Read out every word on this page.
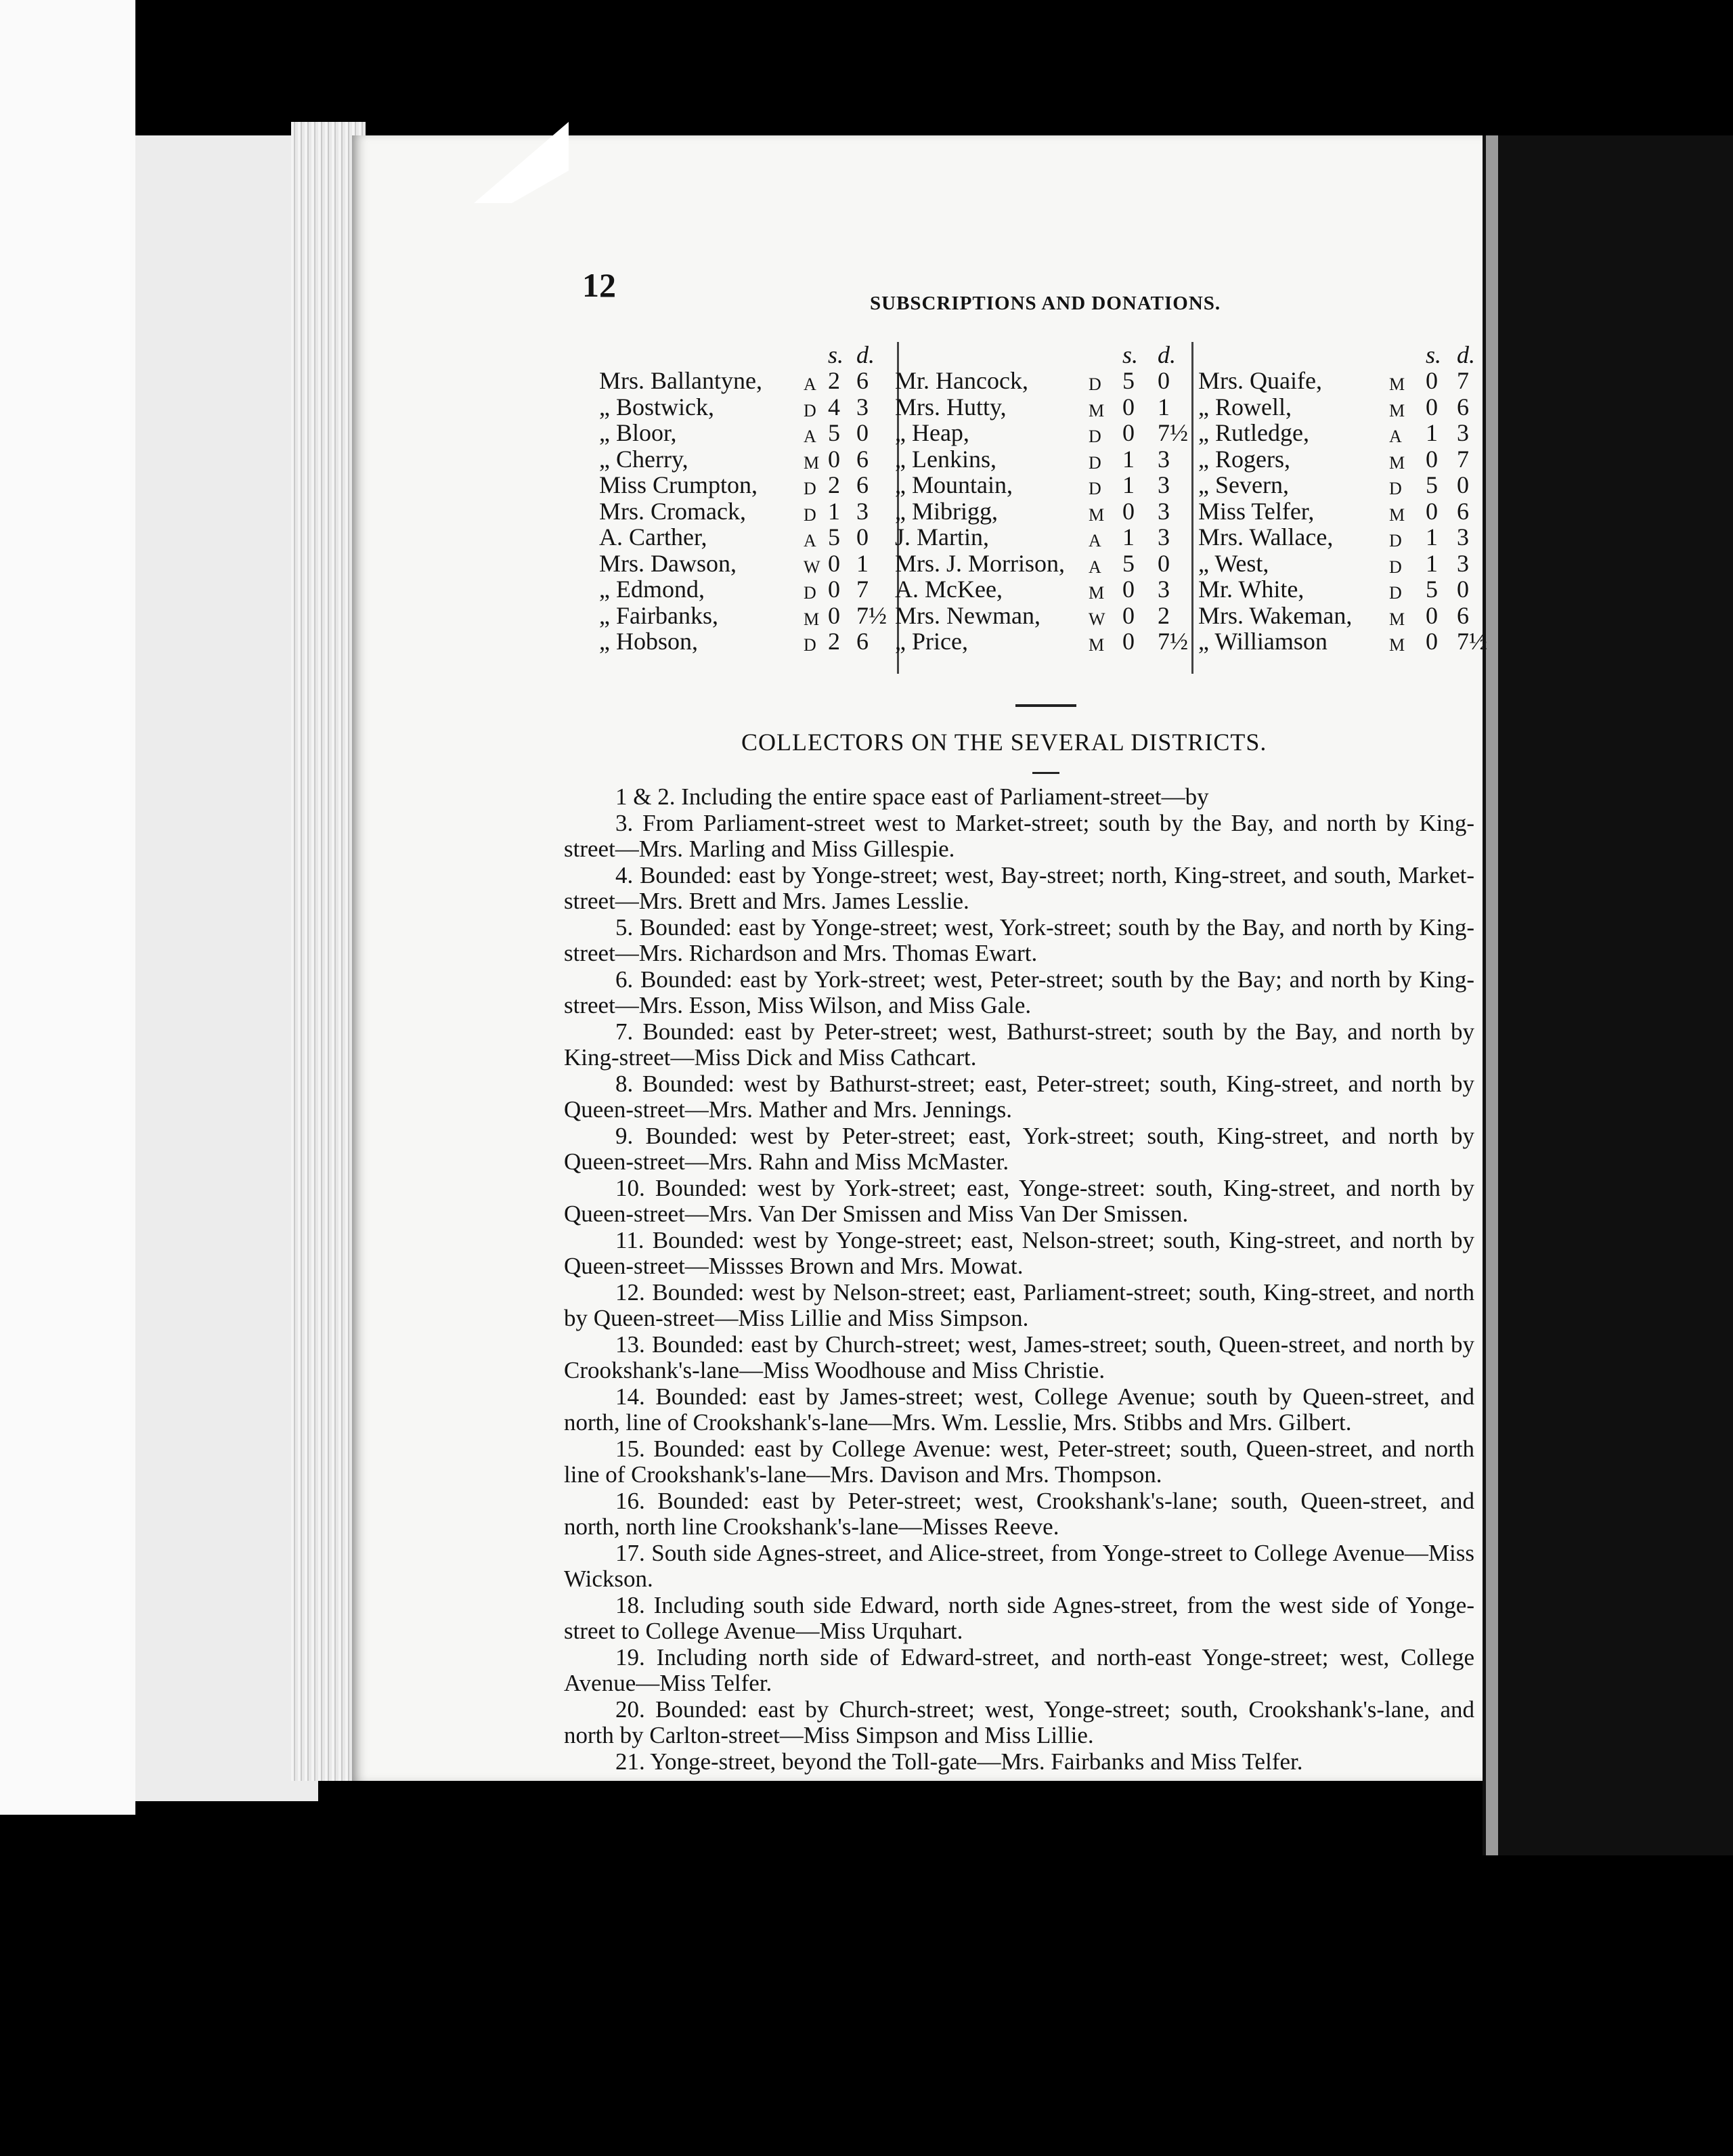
12	SUBSCRIPTIONS AND DONATIONS.
s. d.
Mrs. Ballantyne, A 2 6
„ Bostwick,	D 4 3
„ Bloor,	A 5 0
„ Cherry,	M 0 6
Miss Crumpton,	D 2 6
Mrs. Cromack,	D 1 3
A. Carther,	A 5 0
Mrs. Dawson,	W 0 1
„ Edmond,	D 0 7
„ Fairbanks,	M 0 7½
„ Hobson,	D 2 6
s. d.
Mr. Hancock,	D 5 0
Mrs. Hutty,	M 0 1
„ Heap,	D 0 7½
„ Lenkins,	D 1 3
„ Mountain,	D 1 3
„ Mibrigg,	M 0 3
J. Martin,	A 1 3
Mrs. J. Morrison, A 5 0
A. McKee,	M 0 3
Mrs. Newman,	W 0 2
„ Price,	M 0 7½
s. d.
Mrs. Quaife,	M 0 7
„ Rowell,	M 0 6
„ Rutledge,	A 1 3
„ Rogers,	M 0 7
„ Severn,	D 5 0
Miss Telfer,	M 0 6
Mrs. Wallace,	D 1 3
„ West,	D 1 3
Mr. White,	D 5 0
Mrs. Wakeman, M 0 6
„ Williamson	M 0 7½
COLLECTORS ON THE SEVERAL DISTRICTS.

1 & 2. Including the entire space east of Parliament-street—by

3. From Parliament-street west to Market-street; south by the Bay, and north by King-street—Mrs. Marling and Miss Gillespie.

4. Bounded: east by Yonge-street; west, Bay-street; north, King-street, and south, Market-street—Mrs. Brett and Mrs. James Lesslie.

5. Bounded: east by Yonge-street; west, York-street; south by the Bay, and north by King-street—Mrs. Richardson and Mrs. Thomas Ewart.

6. Bounded: east by York-street; west, Peter-street; south by the Bay; and north by King-street—Mrs. Esson, Miss Wilson, and Miss Gale.

7. Bounded: east by Peter-street; west, Bathurst-street; south by the Bay, and north by King-street—Miss Dick and Miss Cathcart.

8. Bounded: west by Bathurst-street; east, Peter-street; south, King-street, and north by Queen-street—Mrs. Mather and Mrs. Jennings.

9. Bounded: west by Peter-street; east, York-street; south, King-street, and north by Queen-street—Mrs. Rahn and Miss McMaster.

10. Bounded: west by York-street; east, Yonge-street: south, King-street, and north by Queen-street—Mrs. Van Der Smissen and Miss Van Der Smissen.

11. Bounded: west by Yonge-street; east, Nelson-street; south, King-street, and north by Queen-street—Missses Brown and Mrs. Mowat.

12. Bounded: west by Nelson-street; east, Parliament-street; south, King-street, and north by Queen-street—Miss Lillie and Miss Simpson.

13. Bounded: east by Church-street; west, James-street; south, Queen-street, and north by Crookshank's-lane—Miss Woodhouse and Miss Christie.

14. Bounded: east by James-street; west, College Avenue; south by Queen-street, and north, line of Crookshank's-lane—Mrs. Wm. Lesslie, Mrs. Stibbs and Mrs. Gilbert.

15. Bounded: east by College Avenue: west, Peter-street; south, Queen-street, and north line of Crookshank's-lane—Mrs. Davison and Mrs. Thompson.

16. Bounded: east by Peter-street; west, Crookshank's-lane; south, Queen-street, and north, north line Crookshank's-lane—Misses Reeve.

17. South side Agnes-street, and Alice-street, from Yonge-street to College Avenue—Miss Wickson.

18. Including south side Edward, north side Agnes-street, from the west side of Yonge-street to College Avenue—Miss Urquhart.

19. Including north side of Edward-street, and north-east Yonge-street; west, College Avenue—Miss Telfer.

20. Bounded: east by Church-street; west, Yonge-street; south, Crookshank's-lane, and north by Carlton-street—Miss Simpson and Miss Lillie.

21. Yonge-street, beyond the Toll-gate—Mrs. Fairbanks and Miss Telfer.
